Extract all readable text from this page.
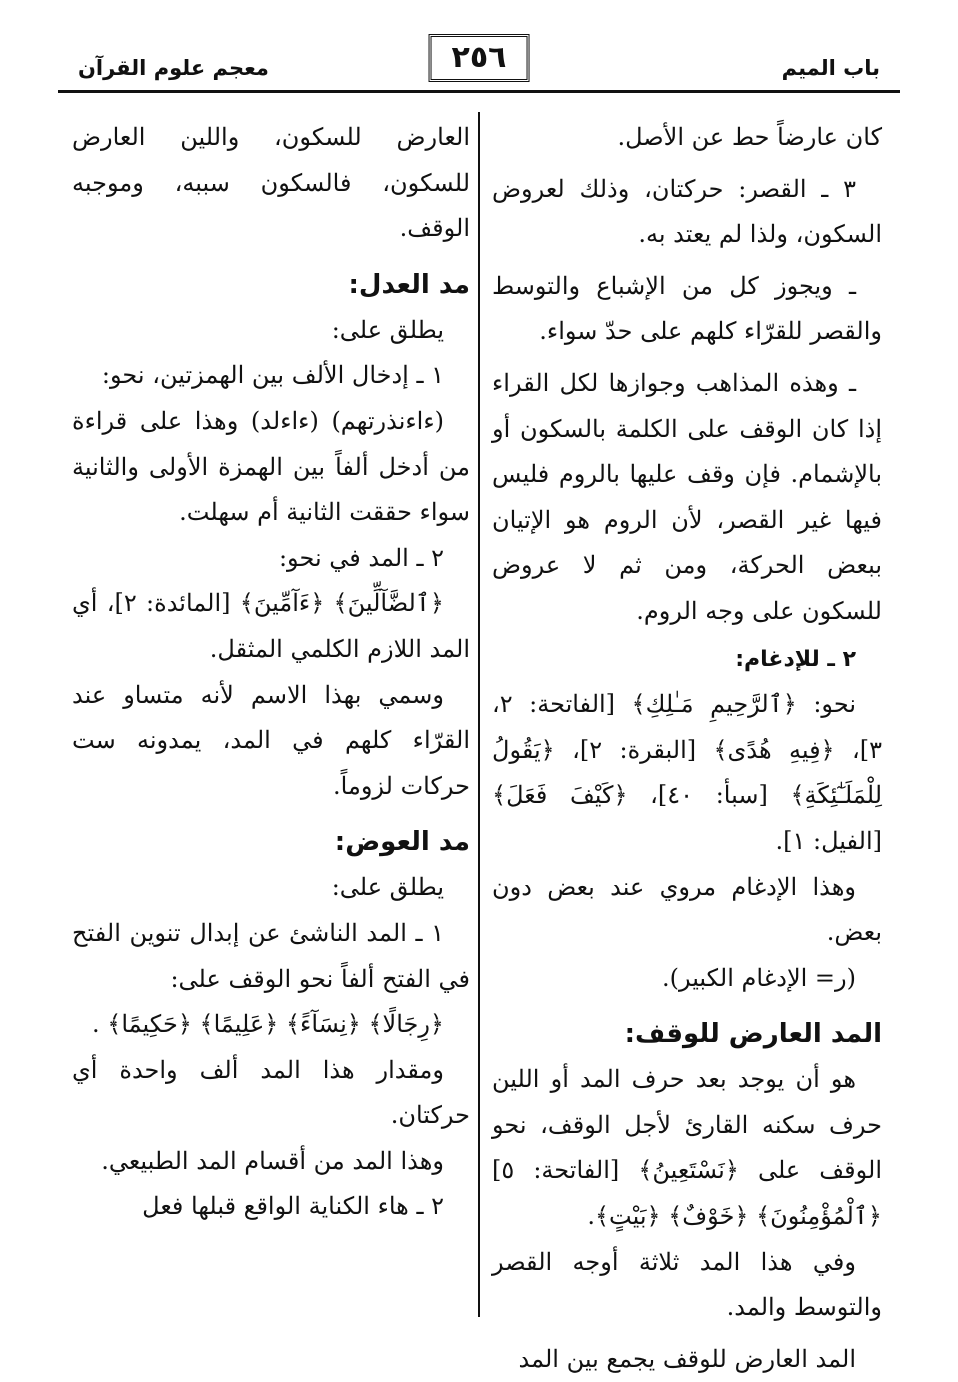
باب الميم
٢٥٦
معجم علوم القرآن

كان عارضاً حط عن الأصل.

٣ ـ القصر: حركتان، وذلك لعروض السكون، ولذا لم يعتد به.

ـ ويجوز كل من الإشباع والتوسط والقصر للقرّاء كلهم على حدّ سواء.

ـ وهذه المذاهب وجوازها لكل القراء إذا كان الوقف على الكلمة بالسكون أو بالإشمام. فإن وقف عليها بالروم فليس فيها غير القصر، لأن الروم هو الإتيان ببعض الحركة، ومن ثم لا عروض للسكون على وجه الروم.

٢ ـ للإدغام:

نحو: ﴿ٱلرَّحِيمِ مَـٰلِكِ﴾ [الفاتحة: ٢، ٣]، ﴿فِيهِ هُدًى﴾ [البقرة: ٢]، ﴿يَقُولُ لِلْمَلَـٰٓئِكَةِ﴾ [سبأ: ٤٠]، ﴿كَيْفَ فَعَلَ﴾ [الفيل: ١].

وهذا الإدغام مروي عند بعض دون بعض.

(ر= الإدغام الكبير).

المد العارض للوقف:

هو أن يوجد بعد حرف المد أو اللين حرف سكنه القارئ لأجل الوقف، نحو الوقف على ﴿نَسْتَعِينُ﴾ [الفاتحة: ٥] ﴿ٱلْمُؤْمِنُونَ﴾ ﴿خَوْفٌ﴾ ﴿بَيْتٍ﴾.

وفي هذا المد ثلاثة أوجه القصر والتوسط والمد.

المد العارض للوقف يجمع بين المد

العارض للسكون، واللين العارض للسكون، فالسكون سببه، وموجبه الوقف.

مد العدل:

يطلق على:

١ ـ إدخال الألف بين الهمزتين، نحو:

(ءاءنذرتهم) (ءاءلد) وهذا على قراءة من أدخل ألفاً بين الهمزة الأولى والثانية سواء حققت الثانية أم سهلت.

٢ ـ المد في نحو:

﴿ٱلضَّآلِّينَ﴾ ﴿ءَآمِّينَ﴾ [المائدة: ٢]، أي المد اللازم الكلمي المثقل.

وسمي بهذا الاسم لأنه متساو عند القرّاء كلهم في المد، يمدونه ست حركات لزوماً.

مد العوض:

يطلق على:

١ ـ المد الناشئ عن إبدال تنوين الفتح في الفتح ألفاً نحو الوقف على:

﴿رِجَالًا﴾ ﴿نِسَآءً﴾ ﴿عَلِيمًا﴾ ﴿حَكِيمًا﴾ .

ومقدار هذا المد ألف واحدة أي حركتان.

وهذا المد من أقسام المد الطبيعي.

٢ ـ هاء الكناية الواقع قبلها فعل
